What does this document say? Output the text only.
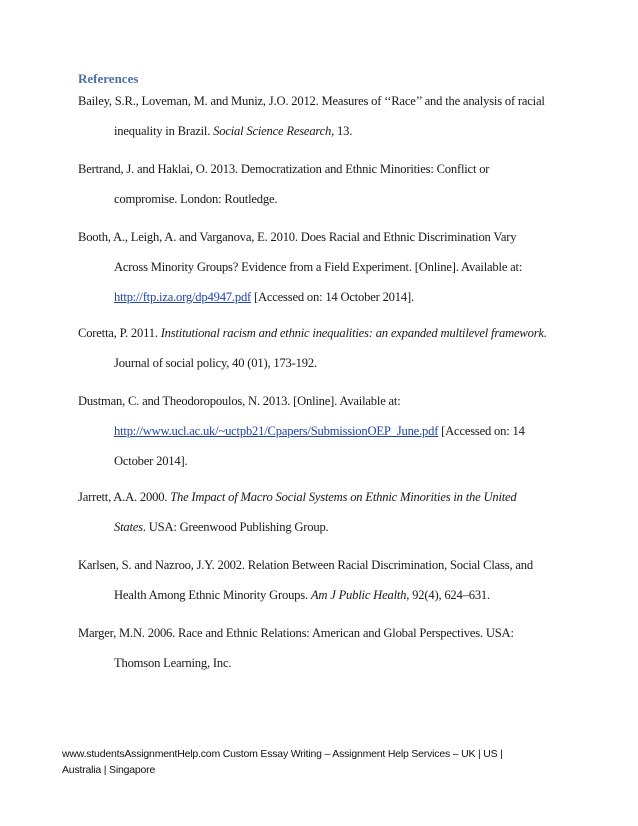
References
Bailey, S.R., Loveman, M. and Muniz, J.O. 2012. Measures of ‘‘Race’’ and the analysis of racial
inequality in Brazil. Social Science Research, 13.
Bertrand, J. and Haklai, O. 2013. Democratization and Ethnic Minorities: Conflict or
compromise. London: Routledge.
Booth, A., Leigh, A. and Varganova, E. 2010. Does Racial and Ethnic Discrimination Vary
Across Minority Groups? Evidence from a Field Experiment. [Online]. Available at:
http://ftp.iza.org/dp4947.pdf [Accessed on: 14 October 2014].
Coretta, P. 2011. Institutional racism and ethnic inequalities: an expanded multilevel framework.
Journal of social policy, 40 (01), 173-192.
Dustman, C. and Theodoropoulos, N. 2013. [Online]. Available at:
http://www.ucl.ac.uk/~uctpb21/Cpapers/SubmissionOEP_June.pdf [Accessed on: 14
October 2014].
Jarrett, A.A. 2000. The Impact of Macro Social Systems on Ethnic Minorities in the United
States. USA: Greenwood Publishing Group.
Karlsen, S. and Nazroo, J.Y. 2002. Relation Between Racial Discrimination, Social Class, and
Health Among Ethnic Minority Groups. Am J Public Health, 92(4), 624–631.
Marger, M.N. 2006. Race and Ethnic Relations: American and Global Perspectives. USA:
Thomson Learning, Inc.
www.studentsAssignmentHelp.com Custom Essay Writing – Assignment Help Services – UK | US |
Australia | Singapore
